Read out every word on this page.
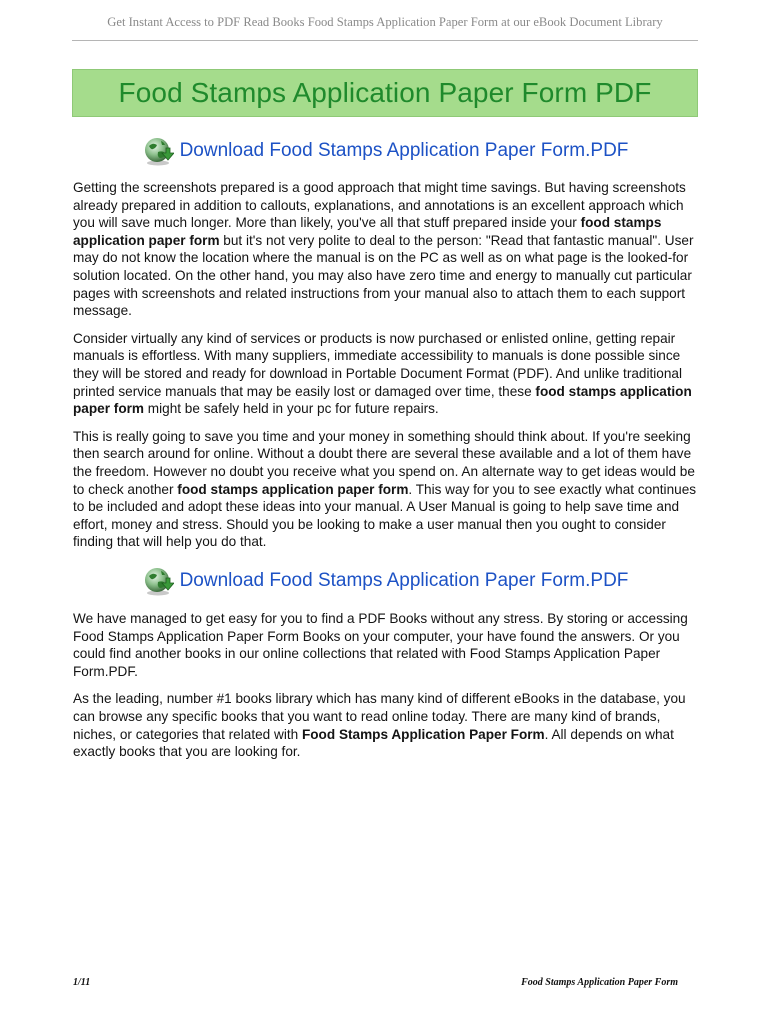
Get Instant Access to PDF Read Books Food Stamps Application Paper Form at our eBook Document Library
Food Stamps Application Paper Form PDF
Download Food Stamps Application Paper Form.PDF

Getting the screenshots prepared is a good approach that might time savings. But having screenshots already prepared in addition to callouts, explanations, and annotations is an excellent approach which you will save much longer. More than likely, you've all that stuff prepared inside your food stamps application paper form but it's not very polite to deal to the person: "Read that fantastic manual". User may do not know the location where the manual is on the PC as well as on what page is the looked-for solution located. On the other hand, you may also have zero time and energy to manually cut particular pages with screenshots and related instructions from your manual also to attach them to each support message.

Consider virtually any kind of services or products is now purchased or enlisted online, getting repair manuals is effortless. With many suppliers, immediate accessibility to manuals is done possible since they will be stored and ready for download in Portable Document Format (PDF). And unlike traditional printed service manuals that may be easily lost or damaged over time, these food stamps application paper form might be safely held in your pc for future repairs.

This is really going to save you time and your money in something should think about. If you're seeking then search around for online. Without a doubt there are several these available and a lot of them have the freedom. However no doubt you receive what you spend on. An alternate way to get ideas would be to check another food stamps application paper form. This way for you to see exactly what continues to be included and adopt these ideas into your manual. A User Manual is going to help save time and effort, money and stress. Should you be looking to make a user manual then you ought to consider finding that will help you do that.

Download Food Stamps Application Paper Form.PDF

We have managed to get easy for you to find a PDF Books without any stress. By storing or accessing Food Stamps Application Paper Form Books on your computer, your have found the answers. Or you could find another books in our online collections that related with Food Stamps Application Paper Form.PDF.

As the leading, number #1 books library which has many kind of different eBooks in the database, you can browse any specific books that you want to read online today. There are many kind of brands, niches, or categories that related with Food Stamps Application Paper Form. All depends on what exactly books that you are looking for.

1/11	Food Stamps Application Paper Form
